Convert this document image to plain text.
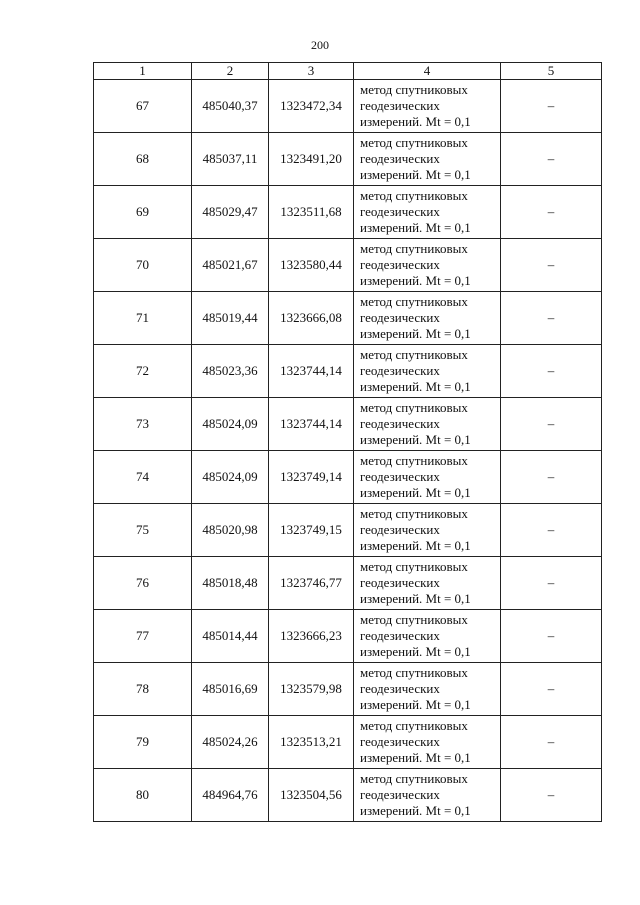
200
1	2	3	4	5
67	485040,37	1323472,34	метод спутниковых
геодезических
измерений. Mt = 0,1	–
68	485037,11	1323491,20	метод спутниковых
геодезических
измерений. Mt = 0,1	–
69	485029,47	1323511,68	метод спутниковых
геодезических
измерений. Mt = 0,1	–
70	485021,67	1323580,44	метод спутниковых
геодезических
измерений. Mt = 0,1	–
71	485019,44	1323666,08	метод спутниковых
геодезических
измерений. Mt = 0,1	–
72	485023,36	1323744,14	метод спутниковых
геодезических
измерений. Mt = 0,1	–
73	485024,09	1323744,14	метод спутниковых
геодезических
измерений. Mt = 0,1	–
74	485024,09	1323749,14	метод спутниковых
геодезических
измерений. Mt = 0,1	–
75	485020,98	1323749,15	метод спутниковых
геодезических
измерений. Mt = 0,1	–
76	485018,48	1323746,77	метод спутниковых
геодезических
измерений. Mt = 0,1	–
77	485014,44	1323666,23	метод спутниковых
геодезических
измерений. Mt = 0,1	–
78	485016,69	1323579,98	метод спутниковых
геодезических
измерений. Mt = 0,1	–
79	485024,26	1323513,21	метод спутниковых
геодезических
измерений. Mt = 0,1	–
80	484964,76	1323504,56	метод спутниковых
геодезических
измерений. Mt = 0,1	–
